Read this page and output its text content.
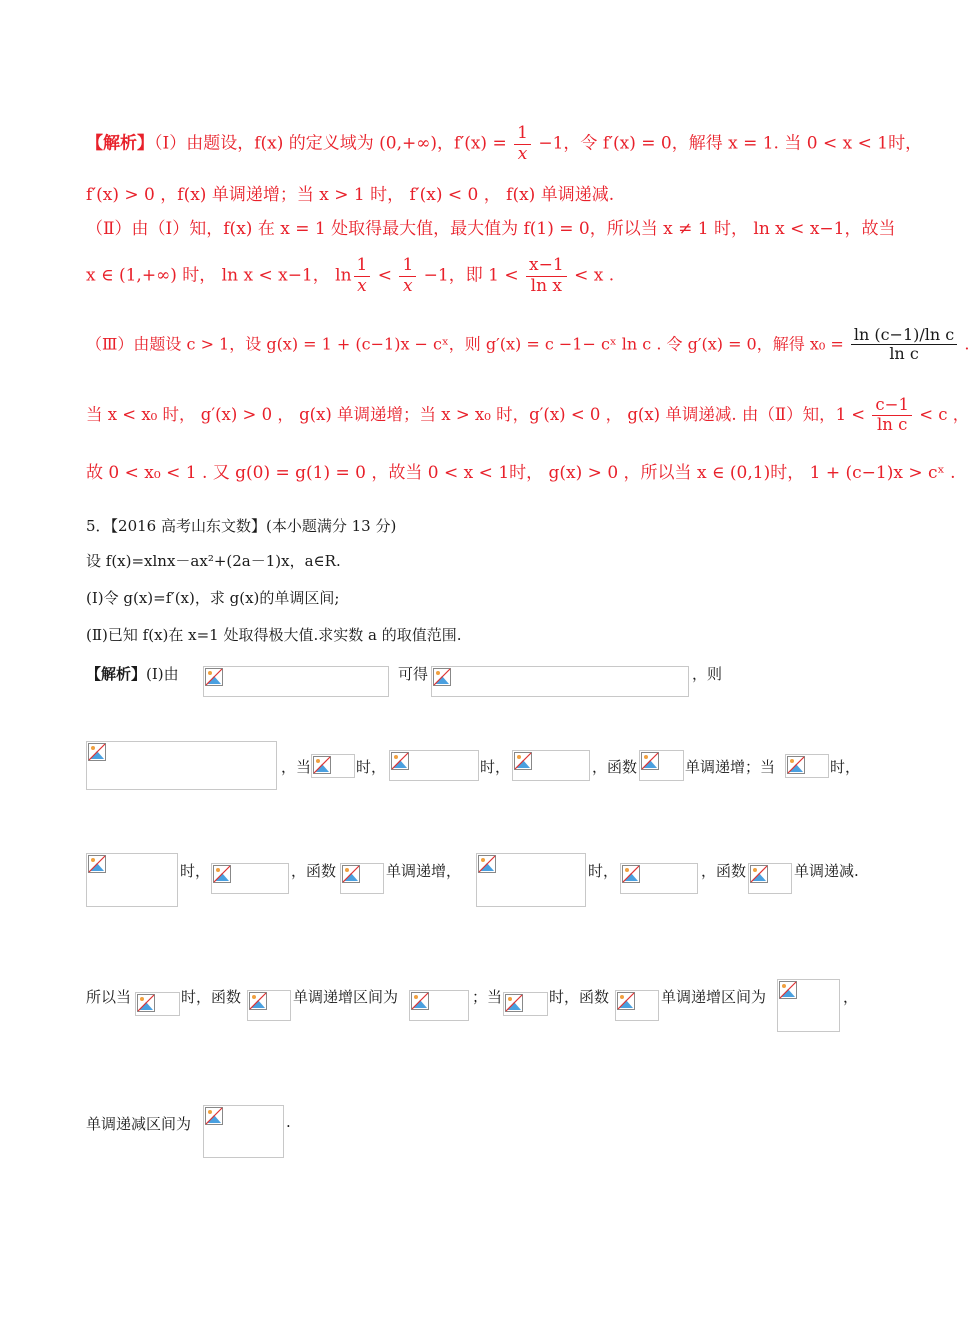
【解析】（Ⅰ）由题设，f(x) 的定义域为 (0,+∞)，$f'(x) = \frac{1}{x} -1$，令 f′(x) = 0，解得 x = 1. 当 0 < x < 1时，
f′(x) > 0 ，f(x) 单调递增；当 x > 1 时， f′(x) < 0 ， f(x) 单调递减.
（Ⅱ）由（Ⅰ）知，f(x) 在 x = 1 处取得最大值，最大值为 f(1) = 0，所以当 x ≠ 1 时， ln x < x−1，故当
x ∈ (1,+∞) 时， ln x < x−1， $\ln \frac{1}{x} < \frac{1}{x} -1$，即 $1 < \frac{x-1}{\text{ln x}} < x$ .
（Ⅲ）由题设 c > 1，设 g(x) = 1 + (c−1)x − cˣ，则 g′(x) = c −1− cˣ ln c . 令 g′(x) = 0，解得 $x_0 = \frac{\text{ln (c−1)/ln c}}{\text{ln c}}$ .
当 x < x₀ 时， g′(x) > 0 ， g(x) 单调递增；当 x > x₀ 时，g′(x) < 0 ， g(x) 单调递减. 由（Ⅱ）知，$1 < \frac{c-1}{\text{ln c}} < c$ ，
故 0 < x₀ < 1 . 又 g(0) = g(1) = 0 ，故当 0 < x < 1时， g(x) > 0 ，所以当 x ∈ (0,1)时， 1 + (c−1)x > cˣ .
5．【2016 高考山东文数】(本小题满分 13 分)
设 f(x)=xlnx－ax²+(2a－1)x，a∈R.
(Ⅰ)令 g(x)=f′(x)，求 g(x)的单调区间;
(Ⅱ)已知 f(x)在 x=1 处取得极大值.求实数 a 的取值范围.
【解析】 (Ⅰ)由	可得	，则
，当	时，	时，	，函数	单调递增；当	时，
时，	，函数	单调递增，	时，	，函数	单调递减.
所以当	时，函数	单调递增区间为	；当	时，函数	单调递增区间为	，
单调递减区间为	.
